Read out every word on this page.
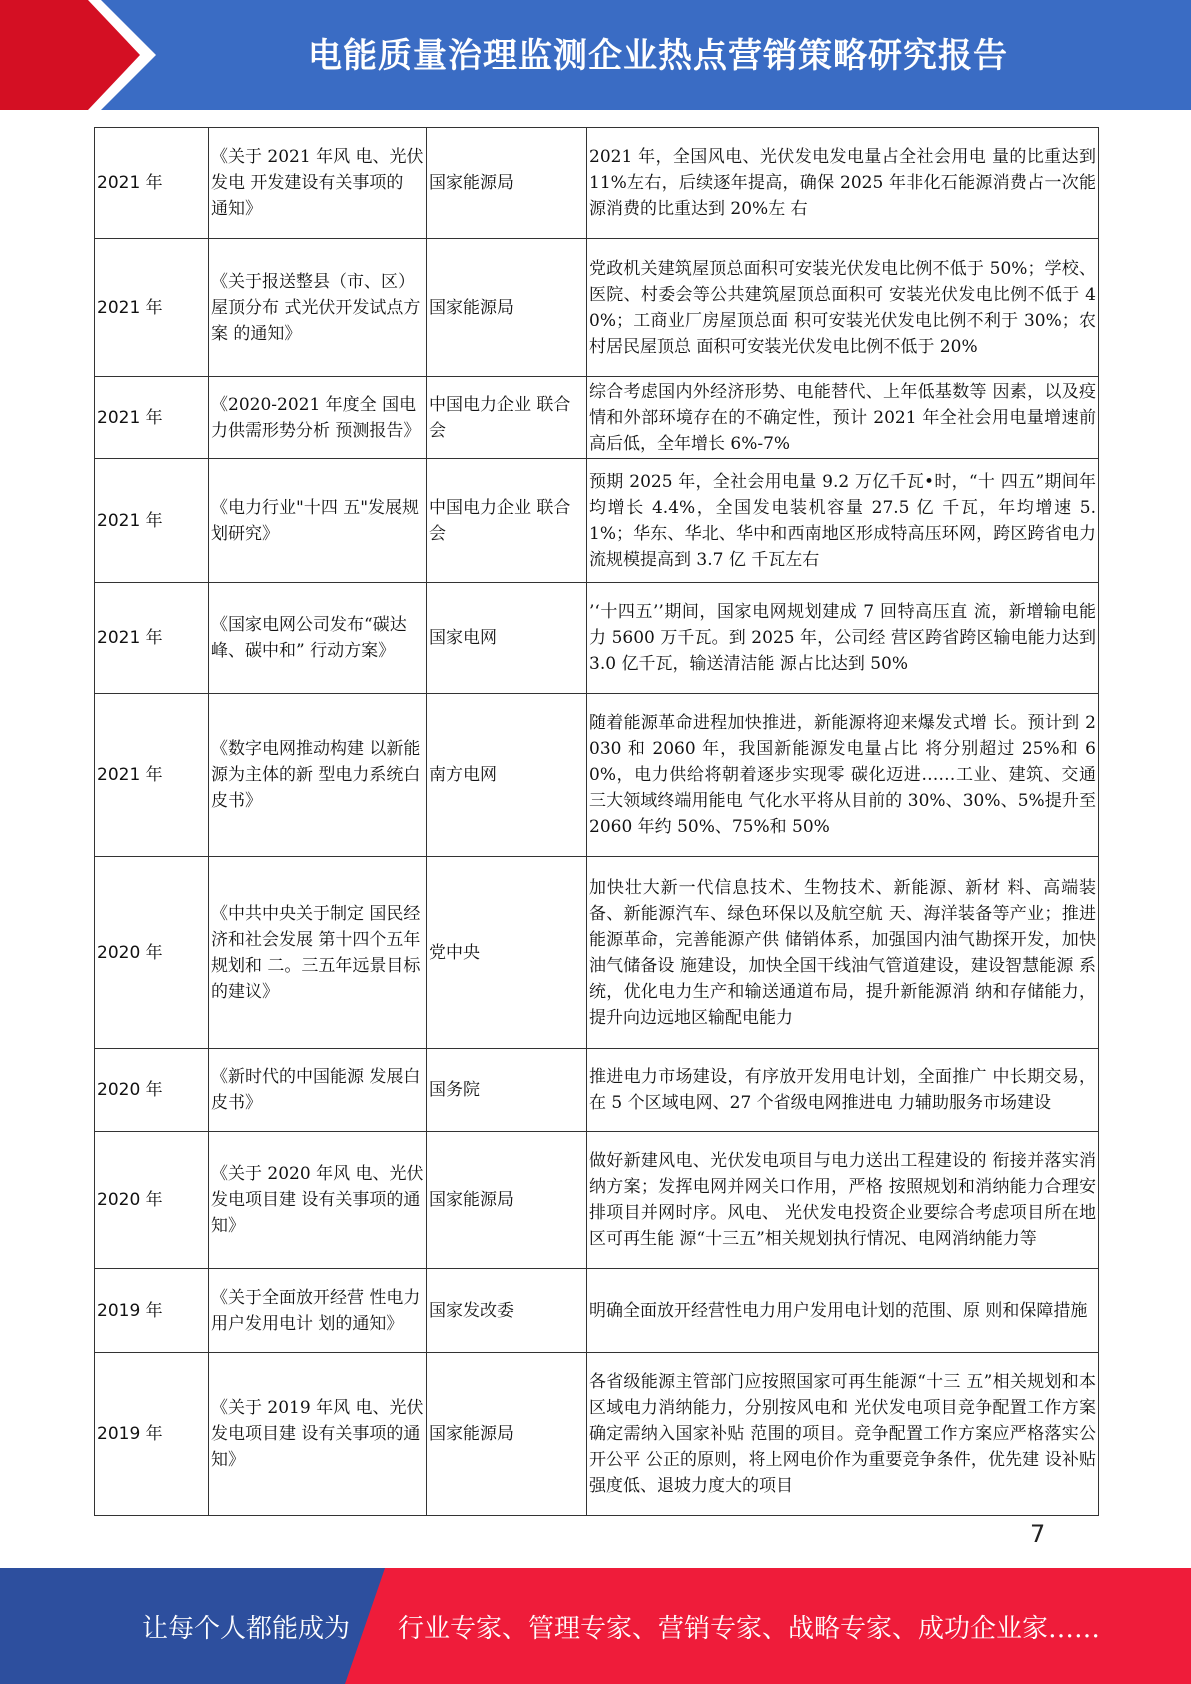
电能质量治理监测企业热点营销策略研究报告
2021 年	《关于 2021 年风 电、光伏发电 开发建设有关事项的 通知》	国家能源局	2021 年，全国风电、光伏发电发电量占全社会用电 量的比重达到 11%左右，后续逐年提高，确保 2025 年非化石能源消费占一次能源消费的比重达到 20%左 右
2021 年	《关于报送整县（市、区）屋顶分布 式光伏开发试点方案 的通知》	国家能源局	党政机关建筑屋顶总面积可安装光伏发电比例不低于 50%；学校、医院、村委会等公共建筑屋顶总面积可 安装光伏发电比例不低于 40%；工商业厂房屋顶总面 积可安装光伏发电比例不利于 30%；农村居民屋顶总 面积可安装光伏发电比例不低于 20%
2021 年	《2020-2021 年度全 国电力供需形势分析 预测报告》	中国电力企业 联合会	综合考虑国内外经济形势、电能替代、上年低基数等 因素，以及疫情和外部环境存在的不确定性，预计 2021 年全社会用电量增速前高后低，全年增长 6%-7%
2021 年	《电力行业"十四 五"发展规划研究》	中国电力企业 联合会	预期 2025 年，全社会用电量 9.2 万亿千瓦•时，“十 四五”期间年均增长 4.4%，全国发电装机容量 27.5 亿 千瓦，年均增速 5.1%；华东、华北、华中和西南地区形成特高压环网，跨区跨省电力流规模提高到 3.7 亿 千瓦左右
2021 年	《国家电网公司发布“碳达峰、碳中和” 行动方案》	国家电网	’‘十四五’’期间，国家电网规划建成 7 回特高压直 流，新增输电能力 5600 万千瓦。到 2025 年，公司经 营区跨省跨区输电能力达到 3.0 亿千瓦，输送清洁能 源占比达到 50%
2021 年	《数字电网推动构建 以新能源为主体的新 型电力系统白皮书》	南方电网	随着能源革命进程加快推进，新能源将迎来爆发式增 长。预计到 2030 和 2060 年，我国新能源发电量占比 将分别超过 25%和 60%，电力供给将朝着逐步实现零 碳化迈进……工业、建筑、交通三大领域终端用能电 气化水平将从目前的 30%、30%、5%提升至 2060 年约 50%、75%和 50%
2020 年	《中共中央关于制定 国民经济和社会发展 第十四个五年规划和 二。三五年远景目标 的建议》	党中央	加快壮大新一代信息技术、生物技术、新能源、新材 料、高端装备、新能源汽车、绿色环保以及航空航 天、海洋装备等产业；推进能源革命，完善能源产供 储销体系，加强国内油气勘探开发，加快油气储备设 施建设，加快全国干线油气管道建设，建设智慧能源 系统，优化电力生产和输送通道布局，提升新能源消 纳和存储能力，提升向边远地区输配电能力
2020 年	《新时代的中国能源 发展白皮书》	国务院	推进电力市场建设，有序放开发用电计划，全面推广 中长期交易，在 5 个区域电网、27 个省级电网推进电 力辅助服务市场建设
2020 年	《关于 2020 年风 电、光伏发电项目建 设有关事项的通知》	国家能源局	做好新建风电、光伏发电项目与电力送出工程建设的 衔接并落实消纳方案；发挥电网并网关口作用，严格 按照规划和消纳能力合理安排项目并网时序。风电、 光伏发电投资企业要综合考虑项目所在地区可再生能 源“十三五”相关规划执行情况、电网消纳能力等
2019 年	《关于全面放开经营 性电力用户发用电计 划的通知》	国家发改委	明确全面放开经营性电力用户发用电计划的范围、原 则和保障措施
2019 年	《关于 2019 年风 电、光伏发电项目建 设有关事项的通知》	国家能源局	各省级能源主管部门应按照国家可再生能源“十三 五”相关规划和本区域电力消纳能力，分别按风电和 光伏发电项目竞争配置工作方案确定需纳入国家补贴 范围的项目。竞争配置工作方案应严格落实公开公平 公正的原则，将上网电价作为重要竞争条件，优先建 设补贴强度低、退坡力度大的项目
7
让每个人都能成为 行业专家、管理专家、营销专家、战略专家、成功企业家……
